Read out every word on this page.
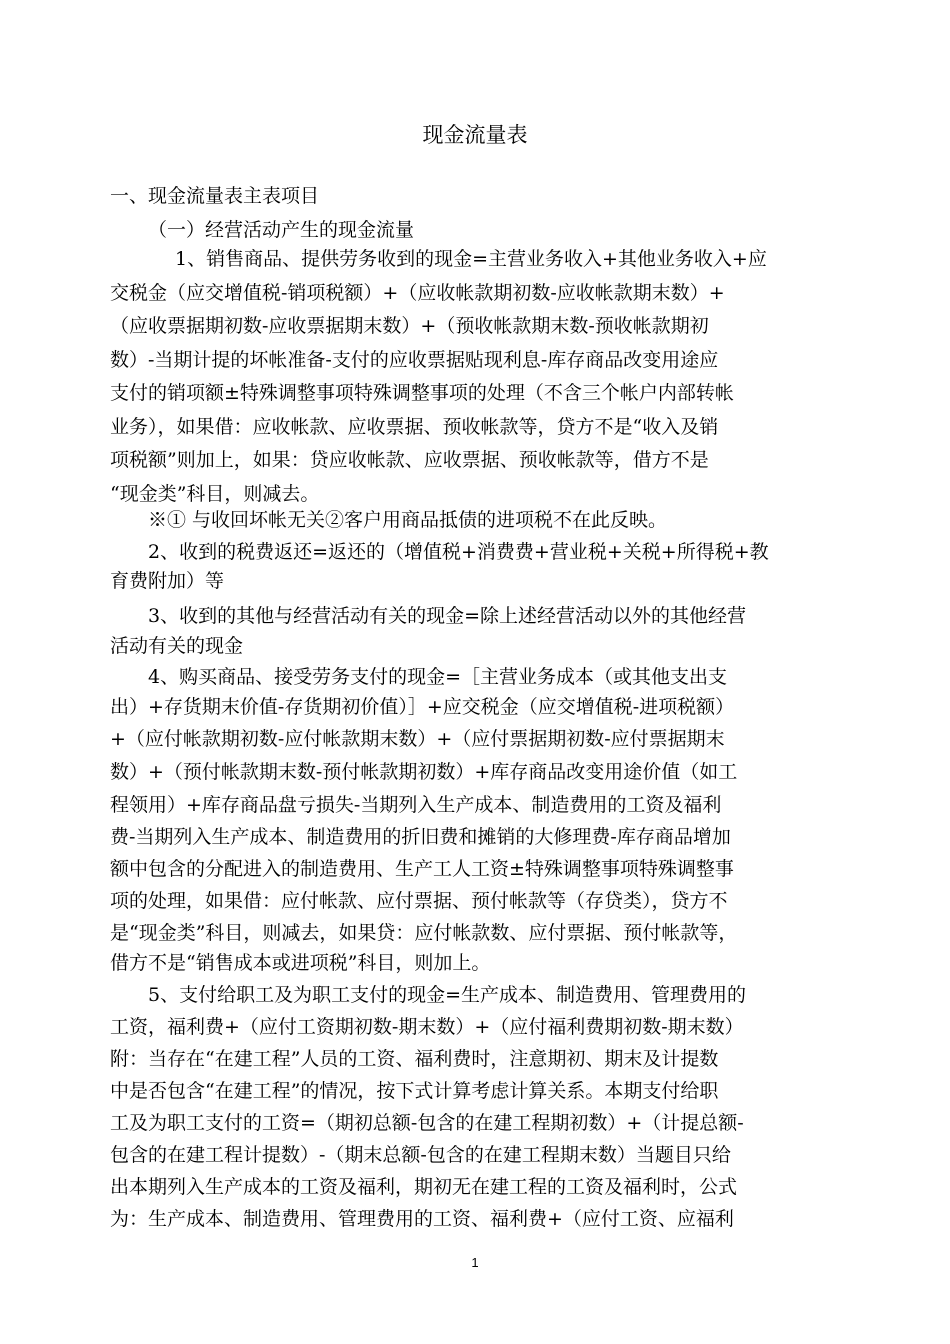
现金流量表

一、现金流量表主表项目

（一）经营活动产生的现金流量

1、销售商品、提供劳务收到的现金=主营业务收入+其他业务收入+应

交税金（应交增值税-销项税额）+（应收帐款期初数-应收帐款期末数）+

（应收票据期初数-应收票据期末数）+（预收帐款期末数-预收帐款期初

数）-当期计提的坏帐准备-支付的应收票据贴现利息-库存商品改变用途应

支付的销项额±特殊调整事项特殊调整事项的处理（不含三个帐户内部转帐

业务），如果借：应收帐款、应收票据、预收帐款等，贷方不是“收入及销

项税额”则加上，如果：贷应收帐款、应收票据、预收帐款等，借方不是

“现金类”科目，则减去。

※① 与收回坏帐无关②客户用商品抵债的进项税不在此反映。

2、收到的税费返还=返还的（增值税+消费费+营业税+关税+所得税+教

育费附加）等

3、收到的其他与经营活动有关的现金=除上述经营活动以外的其他经营

活动有关的现金

4、购买商品、接受劳务支付的现金=［主营业务成本（或其他支出支

出）+存货期末价值-存货期初价值）］+应交税金（应交增值税-进项税额）

+（应付帐款期初数-应付帐款期末数）+（应付票据期初数-应付票据期末

数）+（预付帐款期末数-预付帐款期初数）+库存商品改变用途价值（如工

程领用）+库存商品盘亏损失-当期列入生产成本、制造费用的工资及福利

费-当期列入生产成本、制造费用的折旧费和摊销的大修理费-库存商品增加

额中包含的分配进入的制造费用、生产工人工资±特殊调整事项特殊调整事

项的处理，如果借：应付帐款、应付票据、预付帐款等（存贷类），贷方不

是“现金类”科目，则减去，如果贷：应付帐款数、应付票据、预付帐款等，

借方不是“销售成本或进项税”科目，则加上。

5、支付给职工及为职工支付的现金=生产成本、制造费用、管理费用的

工资，福利费+（应付工资期初数-期末数）+（应付福利费期初数-期末数）

附：当存在“在建工程”人员的工资、福利费时，注意期初、期末及计提数

中是否包含“在建工程”的情况，按下式计算考虑计算关系。本期支付给职

工及为职工支付的工资=（期初总额-包含的在建工程期初数）+（计提总额-

包含的在建工程计提数）-（期末总额-包含的在建工程期末数）当题目只给

出本期列入生产成本的工资及福利，期初无在建工程的工资及福利时，公式

为：生产成本、制造费用、管理费用的工资、福利费+（应付工资、应福利

1
